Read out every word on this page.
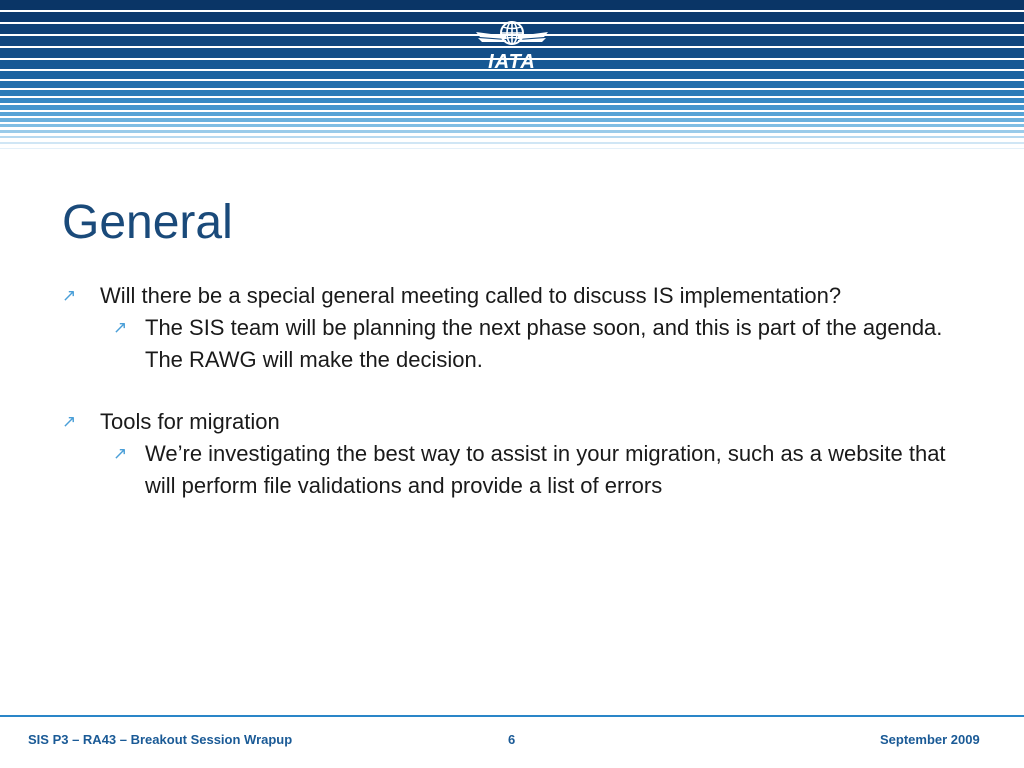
IATA
General
↗ Will there be a special general meeting called to discuss IS implementation?
↗ The SIS team will be planning the next phase soon, and this is part of the agenda. The RAWG will make the decision.
↗ Tools for migration
↗ We’re investigating the best way to assist in your migration, such as a website that will perform file validations and provide a list of errors
SIS P3 – RA43 – Breakout Session Wrapup	6	September 2009
